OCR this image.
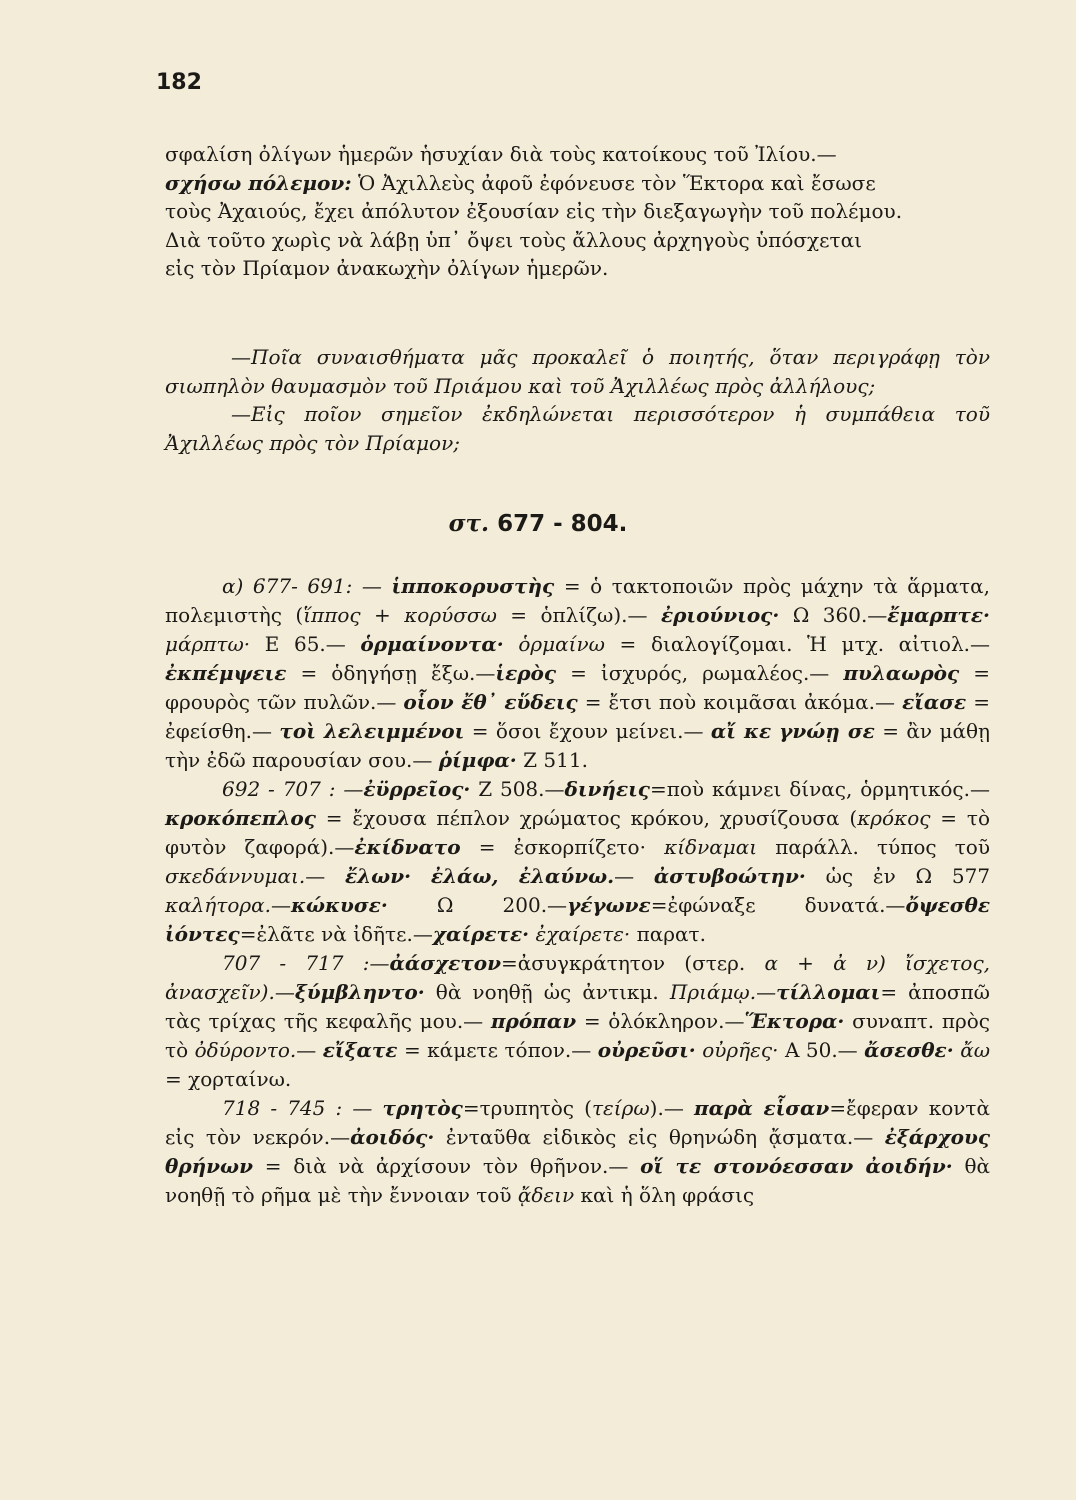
182
σφαλίση ὀλίγων ἡμερῶν ἡσυχίαν διὰ τοὺς κατοίκους τοῦ Ἰλίου.—
σχήσω πόλεμον: Ὁ Ἀχιλλεὺς ἀφοῦ ἐφόνευσε τὸν Ἕκτορα καὶ ἔσωσε
τοὺς Ἀχαιούς, ἔχει ἀπόλυτον ἐξουσίαν εἰς τὴν διεξαγωγὴν τοῦ πολέμου.
Διὰ τοῦτο χωρὶς νὰ λάβῃ ὑπ᾽ ὄψει τοὺς ἄλλους ἀρχηγοὺς ὑπόσχεται
εἰς τὸν Πρίαμον ἀνακωχὴν ὀλίγων ἡμερῶν.

—Ποῖα συναισθήματα μᾶς προκαλεῖ ὁ ποιητής, ὅταν περιγράφῃ τὸν σιωπηλὸν θαυμασμὸν τοῦ Πριάμου καὶ τοῦ Ἀχιλλέως πρὸς ἀλλήλους;

—Εἰς ποῖον σημεῖον ἐκδηλώνεται περισσότερον ἡ συμπάθεια τοῦ Ἀχιλλέως πρὸς τὸν Πρίαμον;

στ. 677 - 804.

α) 677- 691: — ἱπποκορυστὴς = ὁ τακτοποιῶν πρὸς μάχην τὰ ἅρματα, πολεμιστὴς (ἵππος + κορύσσω = ὁπλίζω).— ἐριούνιος· Ω 360.—ἔμαρπτε· μάρπτω· Ε 65.— ὁρμαίνοντα· ὁρμαίνω = διαλογίζομαι. Ἡ μτχ. αἰτιολ.—ἐκπέμψειε = ὁδηγήσῃ ἔξω.—ἱερὸς = ἰσχυρός, ρωμαλέος.— πυλαωρὸς = φρουρὸς τῶν πυλῶν.— οἷον ἔθ᾽ εὕδεις = ἔτσι ποὺ κοιμᾶσαι ἀκόμα.— εἴασε = ἐφείσθη.— τοὶ λελειμμένοι = ὅσοι ἔχουν μείνει.— αἴ κε γνώῃ σε = ἂν μάθῃ τὴν ἐδῶ παρουσίαν σου.— ῥίμφα· Ζ 511.

692 - 707 : —ἐϋρρεῖος· Ζ 508.—δινήεις=ποὺ κάμνει δίνας, ὁρμητικός.— κροκόπεπλος = ἔχουσα πέπλον χρώματος κρόκου, χρυσίζουσα (κρόκος = τὸ φυτὸν ζαφορά).—ἐκίδνατο = ἐσκορπίζετο· κίδναμαι παράλλ. τύπος τοῦ σκεδάννυμαι.— ἔλων· ἐλάω, ἐλαύνω.— ἀστυβοώτην· ὡς ἐν Ω 577 καλήτορα.—κώκυσε· Ω 200.—γέγωνε=ἐφώναξε δυνατά.—ὄψεσθε ἰόντες=ἐλᾶτε νὰ ἰδῆτε.—χαίρετε· ἐχαίρετε· παρατ.

707 - 717 :—ἀάσχετον=ἀσυγκράτητον (στερ. α + ἀ ν) ἴσχετος, ἀνασχεῖν).—ξύμβληντο· θὰ νοηθῇ ὡς ἀντικμ. Πριάμῳ.—τίλλομαι= ἀποσπῶ τὰς τρίχας τῆς κεφαλῆς μου.— πρόπαν = ὁλόκληρον.—Ἕκτορα· συναπτ. πρὸς τὸ ὀδύροντο.— εἴξατε = κάμετε τόπον.— οὐρεῦσι· οὐρῆες· Α 50.— ἄσεσθε· ἄω = χορταίνω.

718 - 745 : — τρητὸς=τρυπητὸς (τείρω).— παρὰ εἷσαν=ἔφεραν κοντὰ εἰς τὸν νεκρόν.—ἀοιδός· ἐνταῦθα εἰδικὸς εἰς θρηνώδη ᾄσματα.— ἐξάρχους θρήνων = διὰ νὰ ἀρχίσουν τὸν θρῆνον.— οἵ τε στονόεσσαν ἀοιδήν· θὰ νοηθῇ τὸ ρῆμα μὲ τὴν ἔννοιαν τοῦ ᾄδειν καὶ ἡ ὅλη φράσις
